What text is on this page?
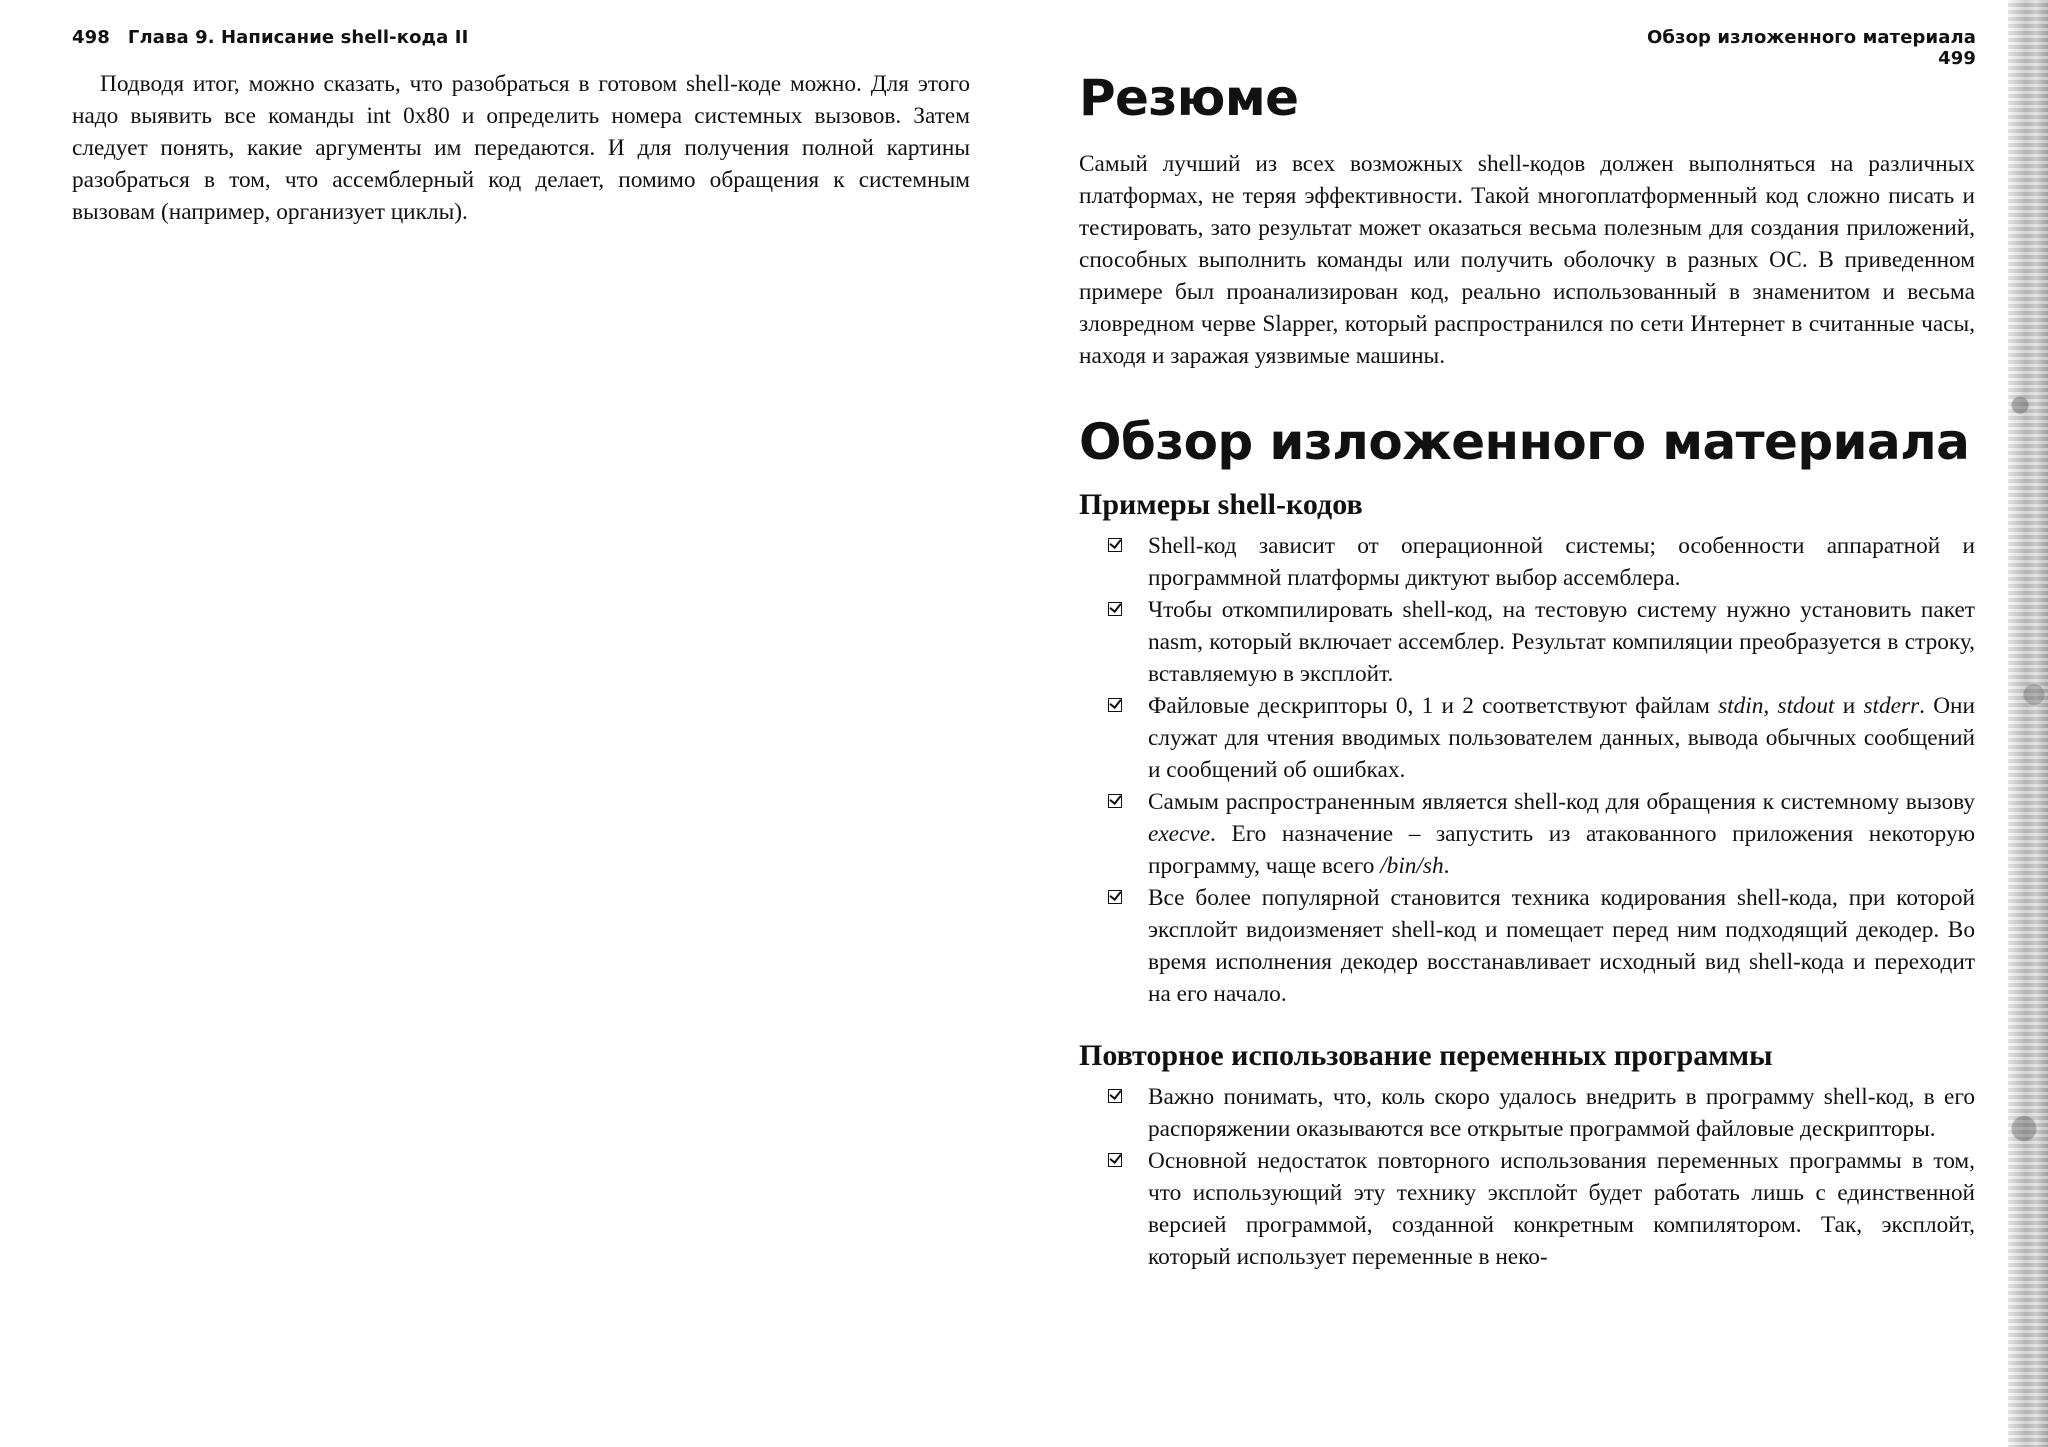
498 Глава 9. Написание shell-кода II	Обзор изложенного материала499

Подводя итог, можно сказать, что разобраться в готовом shell-коде можно. Для этого надо выявить все команды int 0x80 и определить номера системных вызовов. Затем следует понять, какие аргументы им передаются. И для получения полной картины разобраться в том, что ассемблерный код делает, помимо обращения к системным вызовам (например, организует циклы).

Резюме

Самый лучший из всех возможных shell-кодов должен выполняться на различных платформах, не теряя эффективности. Такой многоплатформенный код сложно писать и тестировать, зато результат может оказаться весьма полезным для создания приложений, способных выполнить команды или получить оболочку в разных ОС. В приведенном примере был проанализирован код, реально использованный в знаменитом и весьма зловредном черве Slapper, который распространился по сети Интернет в считанные часы, находя и заражая уязвимые машины.

Обзор изложенного материала
Примеры shell-кодов
Shell-код зависит от операционной системы; особенности аппаратной и программной платформы диктуют выбор ассемблера.
Чтобы откомпилировать shell-код, на тестовую систему нужно установить пакет nasm, который включает ассемблер. Результат компиляции преобразуется в строку, вставляемую в эксплойт.
Файловые дескрипторы 0, 1 и 2 соответствуют файлам stdin, stdout и stderr. Они служат для чтения вводимых пользователем данных, вывода обычных сообщений и сообщений об ошибках.
Самым распространенным является shell-код для обращения к системному вызову execve. Его назначение – запустить из атакованного приложения некоторую программу, чаще всего /bin/sh.
Все более популярной становится техника кодирования shell-кода, при которой эксплойт видоизменяет shell-код и помещает перед ним подходящий декодер. Во время исполнения декодер восстанавливает исходный вид shell-кода и переходит на его начало.
Повторное использование переменных программы
Важно понимать, что, коль скоро удалось внедрить в программу shell-код, в его распоряжении оказываются все открытые программой файловые дескрипторы.
Основной недостаток повторного использования переменных программы в том, что использующий эту технику эксплойт будет работать лишь с единственной версией программой, созданной конкретным компилятором. Так, эксплойт, который использует переменные в неко-
